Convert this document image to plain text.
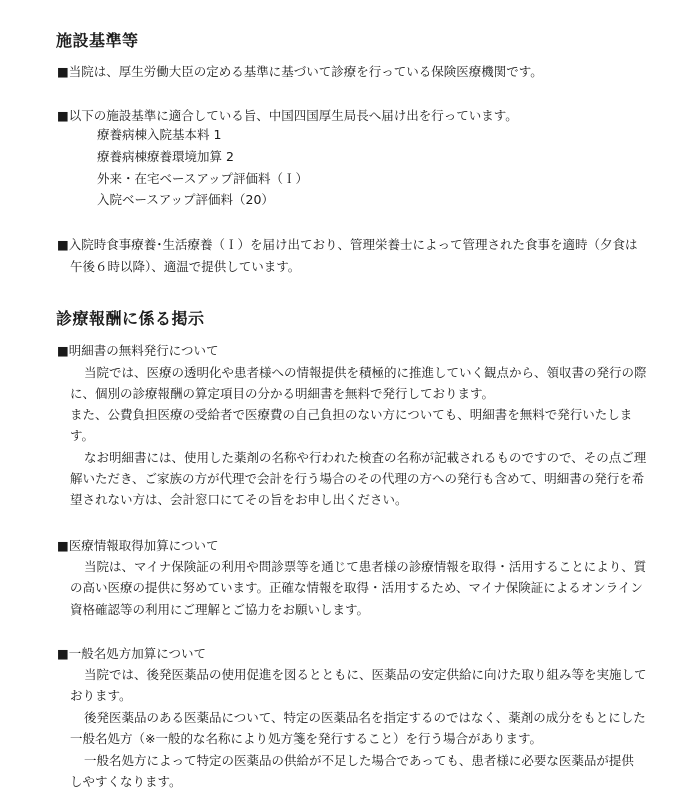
施設基準等
■当院は、厚生労働大臣の定める基準に基づいて診療を行っている保険医療機関です。
■以下の施設基準に適合している旨、中国四国厚生局長へ届け出を行っています。
療養病棟入院基本料 1
療養病棟療養環境加算 2
外来・在宅ベースアップ評価料（Ｉ）
入院ベースアップ評価料（20）
■入院時食事療養･生活療養（Ｉ）を届け出ており、管理栄養士によって管理された食事を適時（夕食は
午後６時以降）、適温で提供しています。
診療報酬に係る掲示
■明細書の無料発行について
当院では、医療の透明化や患者様への情報提供を積極的に推進していく観点から、領収書の発行の際
に、個別の診療報酬の算定項目の分かる明細書を無料で発行しております。
また、公費負担医療の受給者で医療費の自己負担のない方についても、明細書を無料で発行いたしま
す。
なお明細書には、使用した薬剤の名称や行われた検査の名称が記載されるものですので、その点ご理
解いただき、ご家族の方が代理で会計を行う場合のその代理の方への発行も含めて、明細書の発行を希
望されない方は、会計窓口にてその旨をお申し出ください。
■医療情報取得加算について
当院は、マイナ保険証の利用や問診票等を通じて患者様の診療情報を取得・活用することにより、質
の高い医療の提供に努めています。正確な情報を取得・活用するため、マイナ保険証によるオンライン
資格確認等の利用にご理解とご協力をお願いします。
■一般名処方加算について
当院では、後発医薬品の使用促進を図るとともに、医薬品の安定供給に向けた取り組み等を実施して
おります。
後発医薬品のある医薬品について、特定の医薬品名を指定するのではなく、薬剤の成分をもとにした
一般名処方（※一般的な名称により処方箋を発行すること）を行う場合があります。
一般名処方によって特定の医薬品の供給が不足した場合であっても、患者様に必要な医薬品が提供
しやすくなります。
